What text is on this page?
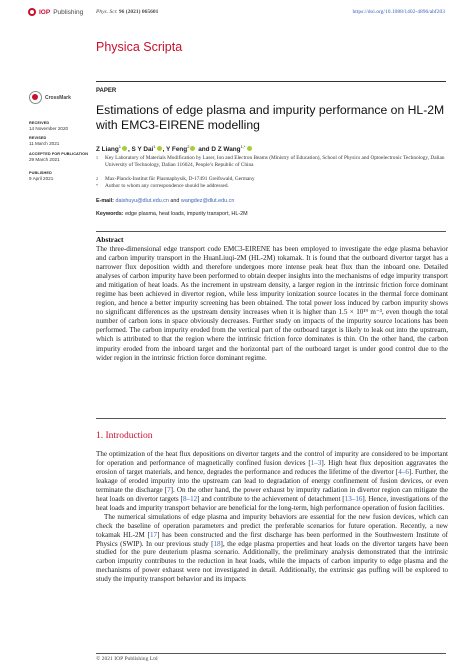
IOP Publishing Phys. Scr. 96 (2021) 065601	https://doi.org/10.1088/1402-4896/abf203
Physica Scripta
CrossMark
RECEIVED
14 November 2020
REVISED
11 March 2021
ACCEPTED FOR PUBLICATION
29 March 2021
PUBLISHED
9 April 2021
PAPER
Estimations of edge plasma and impurity performance on HL-2M with EMC3-EIRENE modelling
Z Liang$^1$ , S Y Dai$^1$ , Y Feng$^2$ and D Z Wang$^{1,*}$
1 Key Laboratory of Materials Modification by Laser, Ion and Electron Beams (Ministry of Education), School of Physics and Optoelectronic Technology, Dalian University of Technology, Dalian 116024, People’s Republic of China
2 Max-Planck-Institut für Plasmaphysik, D-17491 Greifswald, Germany
* Author to whom any correspondence should be addressed.
E-mail: daishuyu@dlut.edu.cn and wangdez@dlut.edu.cn
Keywords: edge plasma, heat loads, impurity transport, HL-2M
Abstract
The three-dimensional edge transport code EMC3-EIRENE has been employed to investigate the edge plasma behavior and carbon impurity transport in the HuanLiuqi-2M (HL-2M) tokamak. It is found that the outboard divertor target has a narrower flux deposition width and therefore undergoes more intense peak heat flux than the inboard one. Detailed analyses of carbon impurity have been performed to obtain deeper insights into the mechanisms of edge impurity transport and mitigation of heat loads. As the increment in upstream density, a larger region in the intrinsic friction force dominant regime has been achieved in divertor region, while less impurity ionization source locates in the thermal force dominant region, and hence a better impurity screening has been obtained. The total power loss induced by carbon impurity shows no significant differences as the upstream density increases when it is higher than 1.5 × 10¹⁹ m⁻³, even though the total number of carbon ions in space obviously decreases. Further study on impacts of the impurity source locations has been performed. The carbon impurity eroded from the vertical part of the outboard target is likely to leak out into the upstream, which is attributed to that the region where the intrinsic friction force dominates is thin. On the other hand, the carbon impurity eroded from the inboard target and the horizontal part of the outboard target is under good control due to the wider region in the intrinsic friction force dominant regime.
1. Introduction

The optimization of the heat flux depositions on divertor targets and the control of impurity are considered to be important for operation and performance of magnetically confined fusion devices [1–3]. High heat flux deposition aggravates the erosion of target materials, and hence, degrades the performance and reduces the lifetime of the divertor [4–6]. Further, the leakage of eroded impurity into the upstream can lead to degradation of energy confinement of fusion devices, or even terminate the discharge [7]. On the other hand, the power exhaust by impurity radiation in divertor region can mitigate the heat loads on divertor targets [8–12] and contribute to the achievement of detachment [13–16]. Hence, investigations of the heat loads and impurity transport behavior are beneficial for the long-term, high performance operation of fusion facilities.

The numerical simulations of edge plasma and impurity behaviors are essential for the new fusion devices, which can check the baseline of operation parameters and predict the preferable scenarios for future operation. Recently, a new tokamak HL-2M [17] has been constructed and the first discharge has been performed in the Southwestern Institute of Physics (SWIP). In our previous study [18], the edge plasma properties and heat loads on the divertor targets have been studied for the pure deuterium plasma scenario. Additionally, the preliminary analysis demonstrated that the intrinsic carbon impurity contributes to the reduction in heat loads, while the impacts of carbon impurity to edge plasma and the mechanisms of power exhaust were not investigated in detail. Additionally, the extrinsic gas puffing will be explored to study the impurity transport behavior and its impacts

© 2021 IOP Publishing Ltd
